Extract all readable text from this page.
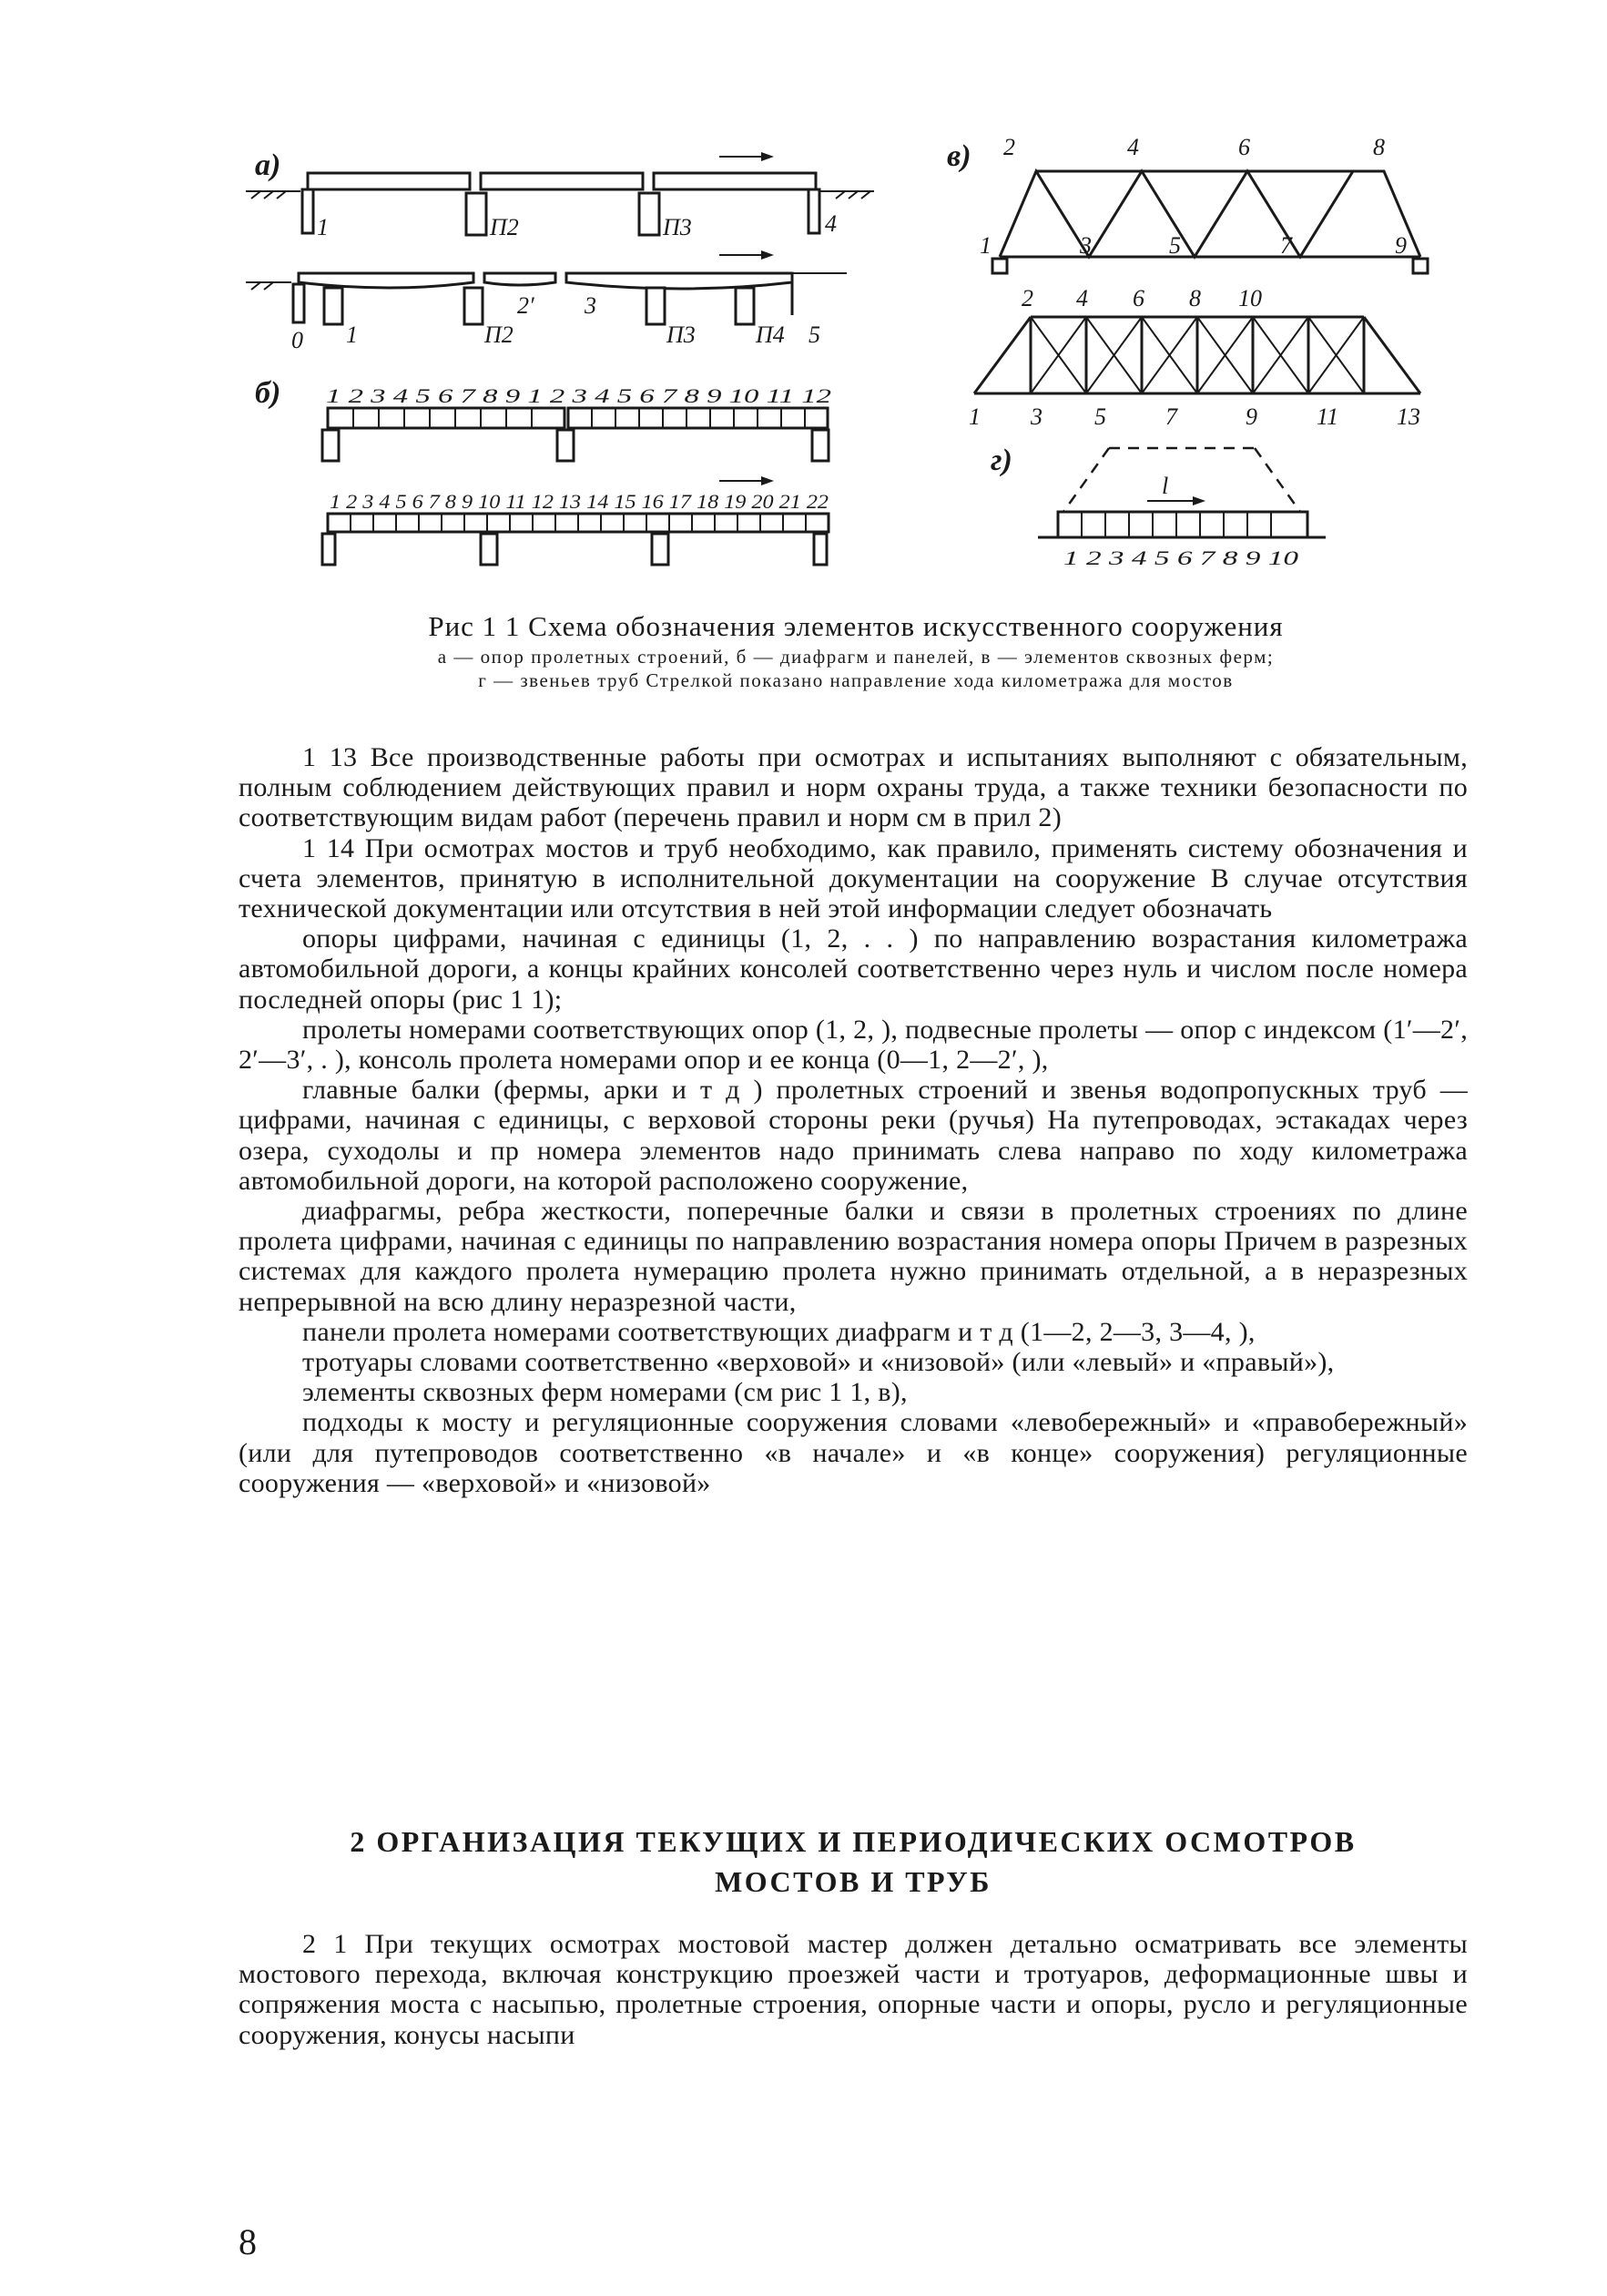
а)
1	П2	П3	4
0 1	П2
2′ 3
П3	П4 5
б) 1 2 3 4 5 6 7 8 9 1 2 3 4 5 6 7 8 9 10 11 12
1 2 3 4 5 6 7 8 9 10 11 12 13 14 15 16 17 18 19 20 21 22
в) 2	4	6	8
1	3	5	7	9
2 4 6 8 10
1 3 5	7	9	11 13
г)
l
1 2 3 4 5 6 7 8 9 10
Рис 1 1 Схема обозначения элементов искусственного сооружения
а — опор пролетных строений, б — диафрагм и панелей, в — элементов сквозных ферм;
г — звеньев труб Стрелкой показано направление хода километража для мостов

1 13 Все производственные работы при осмотрах и испытаниях выполняют с обязательным, полным соблюдением действующих правил и норм охраны труда, а также техники безопасности по соответствующим видам работ (перечень правил и норм см в прил 2)

1 14 При осмотрах мостов и труб необходимо, как правило, применять систему обозначения и счета элементов, принятую в исполнительной документации на сооружение В случае отсутствия технической документации или отсутствия в ней этой информации следует обозначать

опоры цифрами, начиная с единицы (1, 2, . . ) по направлению возрастания километража автомобильной дороги, а концы крайних консолей соответственно через нуль и числом после номера последней опоры (рис 1 1);

пролеты номерами соответствующих опор (1, 2, ), подвесные пролеты — опор с индексом (1′—2′, 2′—3′, . ), консоль пролета номерами опор и ее конца (0—1, 2—2′, ),

главные балки (фермы, арки и т д ) пролетных строений и звенья водопропускных труб — цифрами, начиная с единицы, с верховой стороны реки (ручья) На путепроводах, эстакадах через озера, суходолы и пр номера элементов надо принимать слева направо по ходу километража автомобильной дороги, на которой расположено сооружение,

диафрагмы, ребра жесткости, поперечные балки и связи в пролетных строениях по длине пролета цифрами, начиная с единицы по направлению возрастания номера опоры Причем в разрезных системах для каждого пролета нумерацию пролета нужно принимать отдельной, а в неразрезных непрерывной на всю длину неразрезной части,

панели пролета номерами соответствующих диафрагм и т д (1—2, 2—3, 3—4, ),

тротуары словами соответственно «верховой» и «низовой» (или «левый» и «правый»),

элементы сквозных ферм номерами (см рис 1 1, в),

подходы к мосту и регуляционные сооружения словами «левобережный» и «правобережный» (или для путепроводов соответственно «в начале» и «в конце» сооружения) регуляционные сооружения — «верховой» и «низовой»

2 ОРГАНИЗАЦИЯ ТЕКУЩИХ И ПЕРИОДИЧЕСКИХ ОСМОТРОВ
МОСТОВ И ТРУБ

2 1 При текущих осмотрах мостовой мастер должен детально осматривать все элементы мостового перехода, включая конструкцию проезжей части и тротуаров, деформационные швы и сопряжения моста с насыпью, пролетные строения, опорные части и опоры, русло и регуляционные сооружения, конусы насыпи

8
